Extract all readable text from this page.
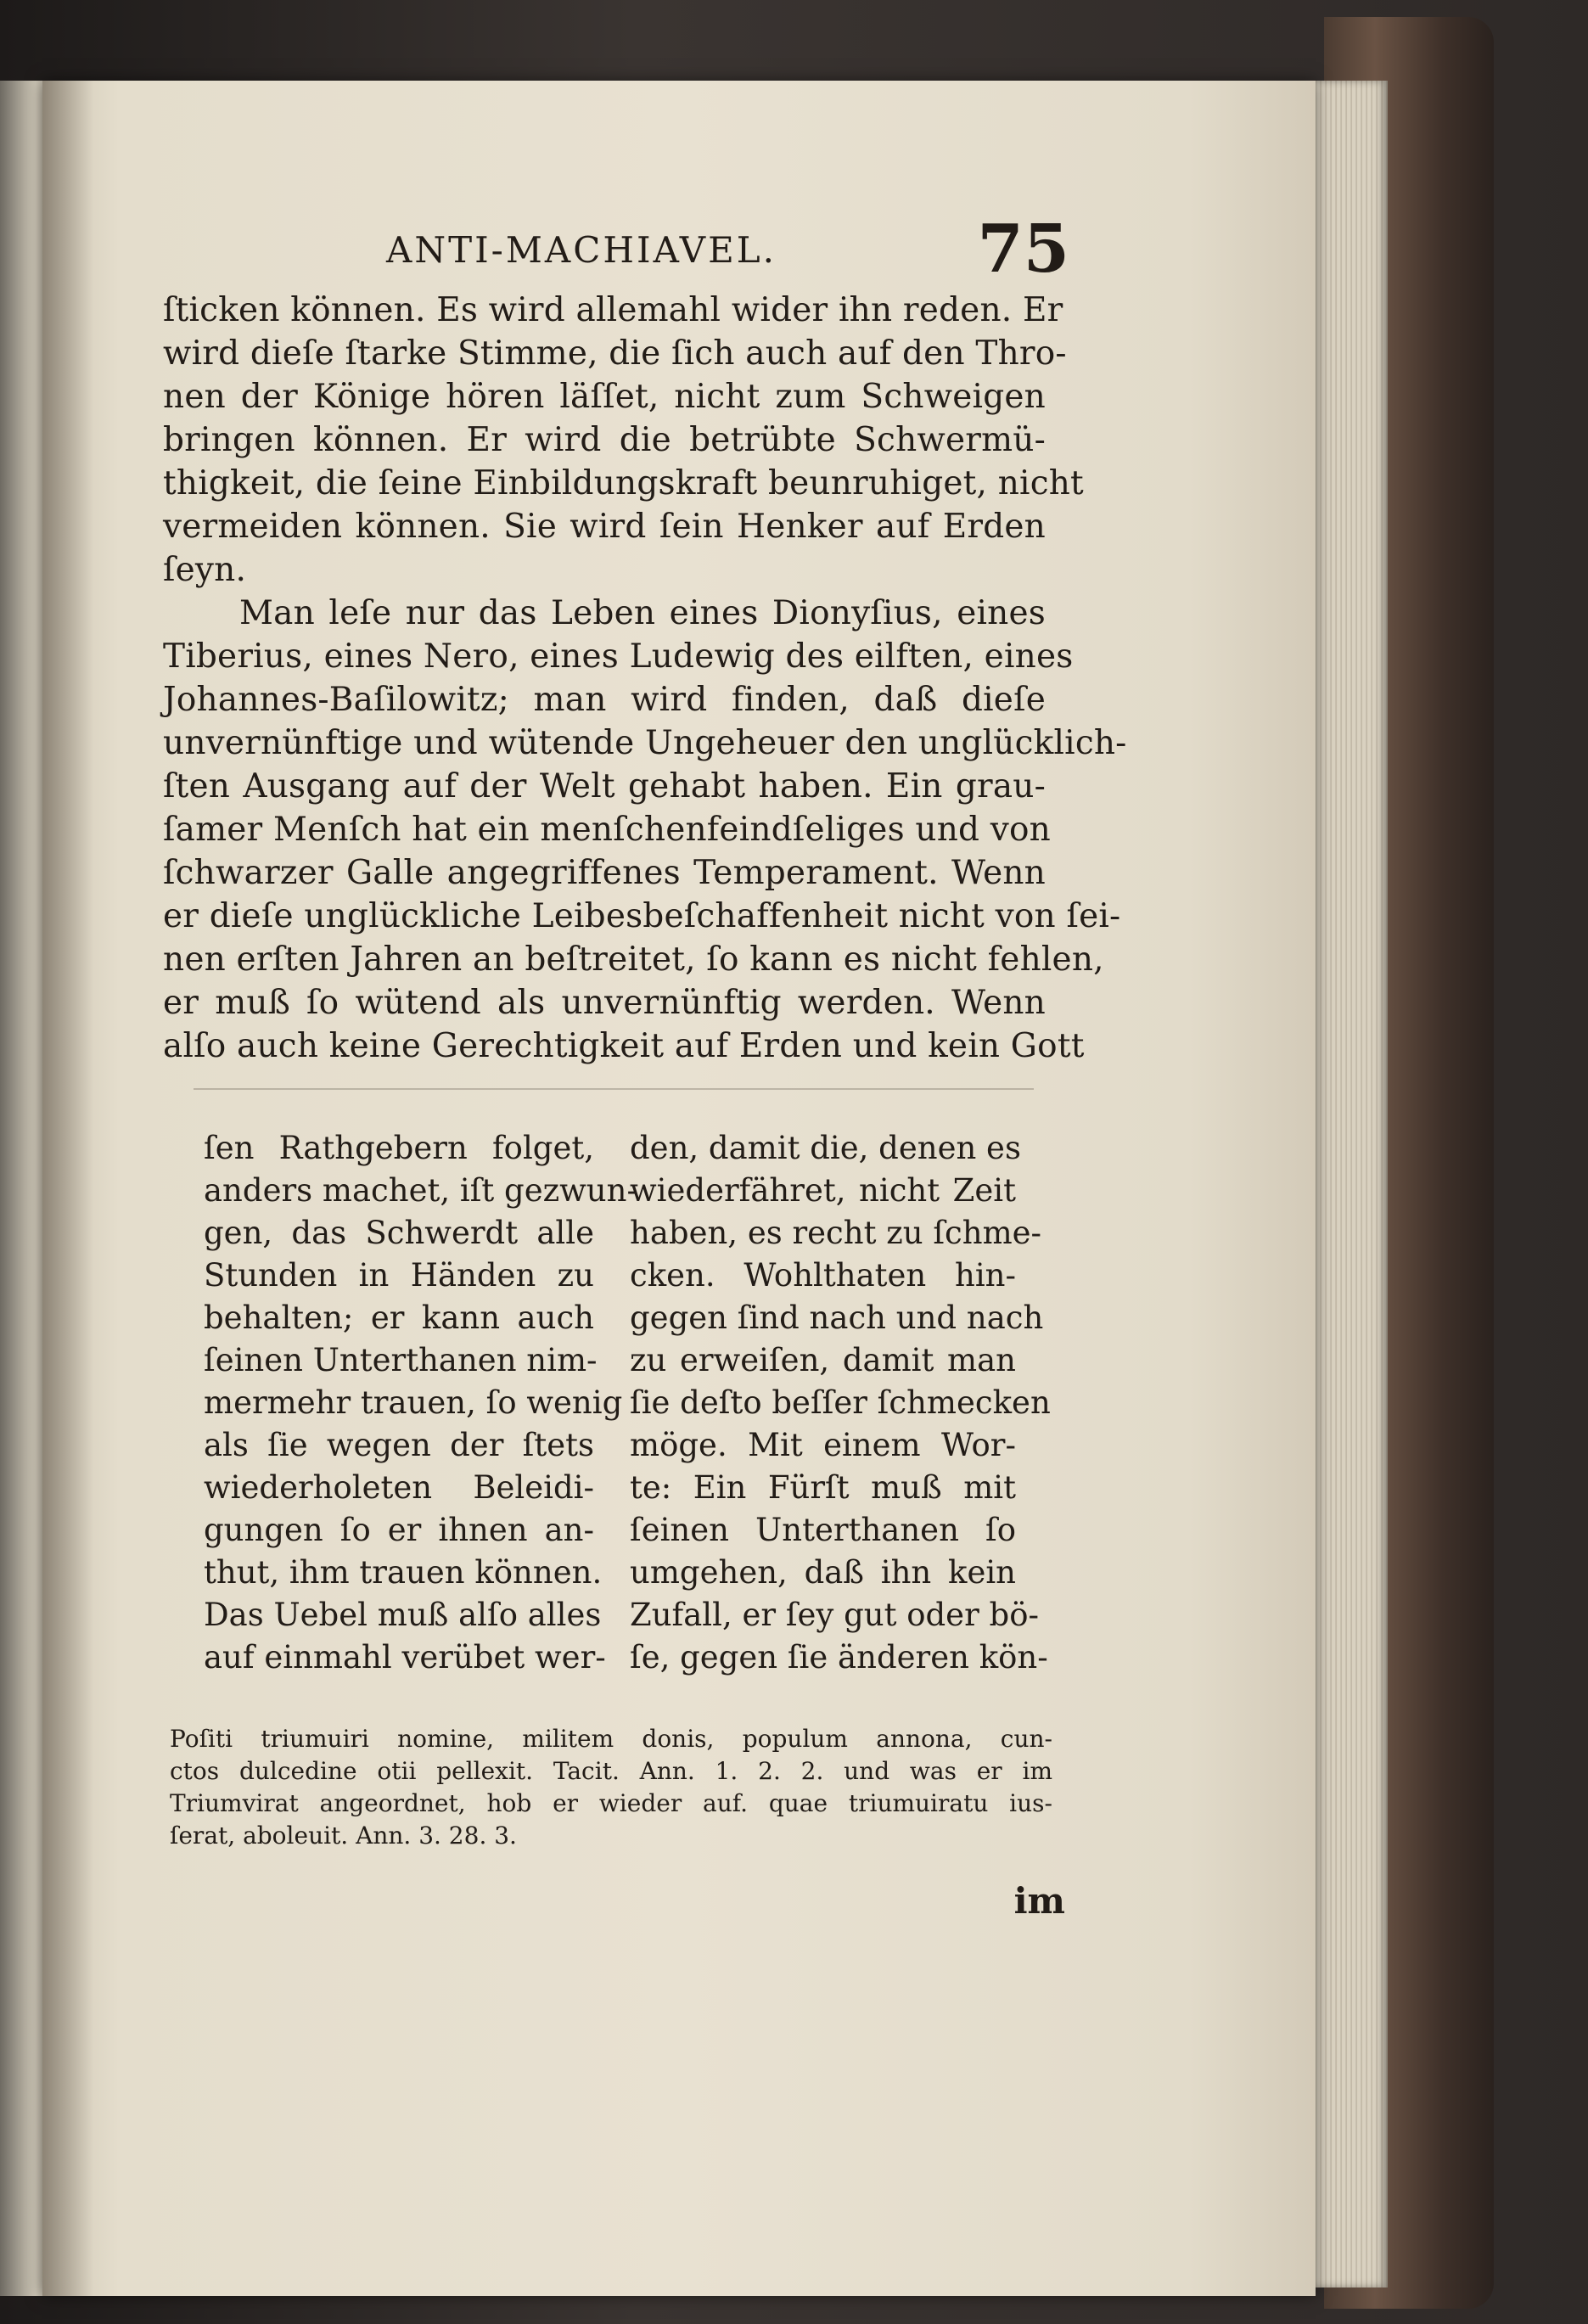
ANTI-MACHIAVEL.	75
ſticken können. Es wird allemahl wider ihn reden. Er
wird dieſe ſtarke Stimme, die ſich auch auf den Thro-
nen der Könige hören läſſet, nicht zum Schweigen
bringen können. Er wird die betrübte Schwermü-
thigkeit, die ſeine Einbildungskraft beunruhiget, nicht
vermeiden können. Sie wird ſein Henker auf Erden
ſeyn.
Man leſe nur das Leben eines Dionyſius, eines
Tiberius, eines Nero, eines Ludewig des eilften, eines
Johannes-Baſilowitz; man wird finden, daß dieſe
unvernünftige und wütende Ungeheuer den unglücklich-
ſten Ausgang auf der Welt gehabt haben. Ein grau-
ſamer Menſch hat ein menſchenfeindſeliges und von
ſchwarzer Galle angegriffenes Temperament. Wenn
er dieſe unglückliche Leibesbeſchaffenheit nicht von ſei-
nen erſten Jahren an beſtreitet, ſo kann es nicht fehlen,
er muß ſo wütend als unvernünftig werden. Wenn
alſo auch keine Gerechtigkeit auf Erden und kein Gott
ſen Rathgebern folget,
anders machet, iſt gezwun-
gen, das Schwerdt alle
Stunden in Händen zu
behalten; er kann auch
ſeinen Unterthanen nim-
mermehr trauen, ſo wenig
als ſie wegen der ſtets
wiederholeten Beleidi-
gungen ſo er ihnen an-
thut, ihm trauen können.
Das Uebel muß alſo alles
auf einmahl verübet wer-
den, damit die, denen es
wiederfähret, nicht Zeit
haben, es recht zu ſchme-
cken. Wohlthaten hin-
gegen ſind nach und nach
zu erweiſen, damit man
ſie deſto beſſer ſchmecken
möge. Mit einem Wor-
te: Ein Fürſt muß mit
ſeinen Unterthanen ſo
umgehen, daß ihn kein
Zufall, er ſey gut oder bö-
ſe, gegen ſie änderen kön-
Poſiti triumuiri nomine, militem donis, populum annona, cun-
ctos dulcedine otii pellexit. Tacit. Ann. 1. 2. 2. und was er im
Triumvirat angeordnet, hob er wieder auf. quae triumuiratu ius-
ſerat, aboleuit. Ann. 3. 28. 3.
im
